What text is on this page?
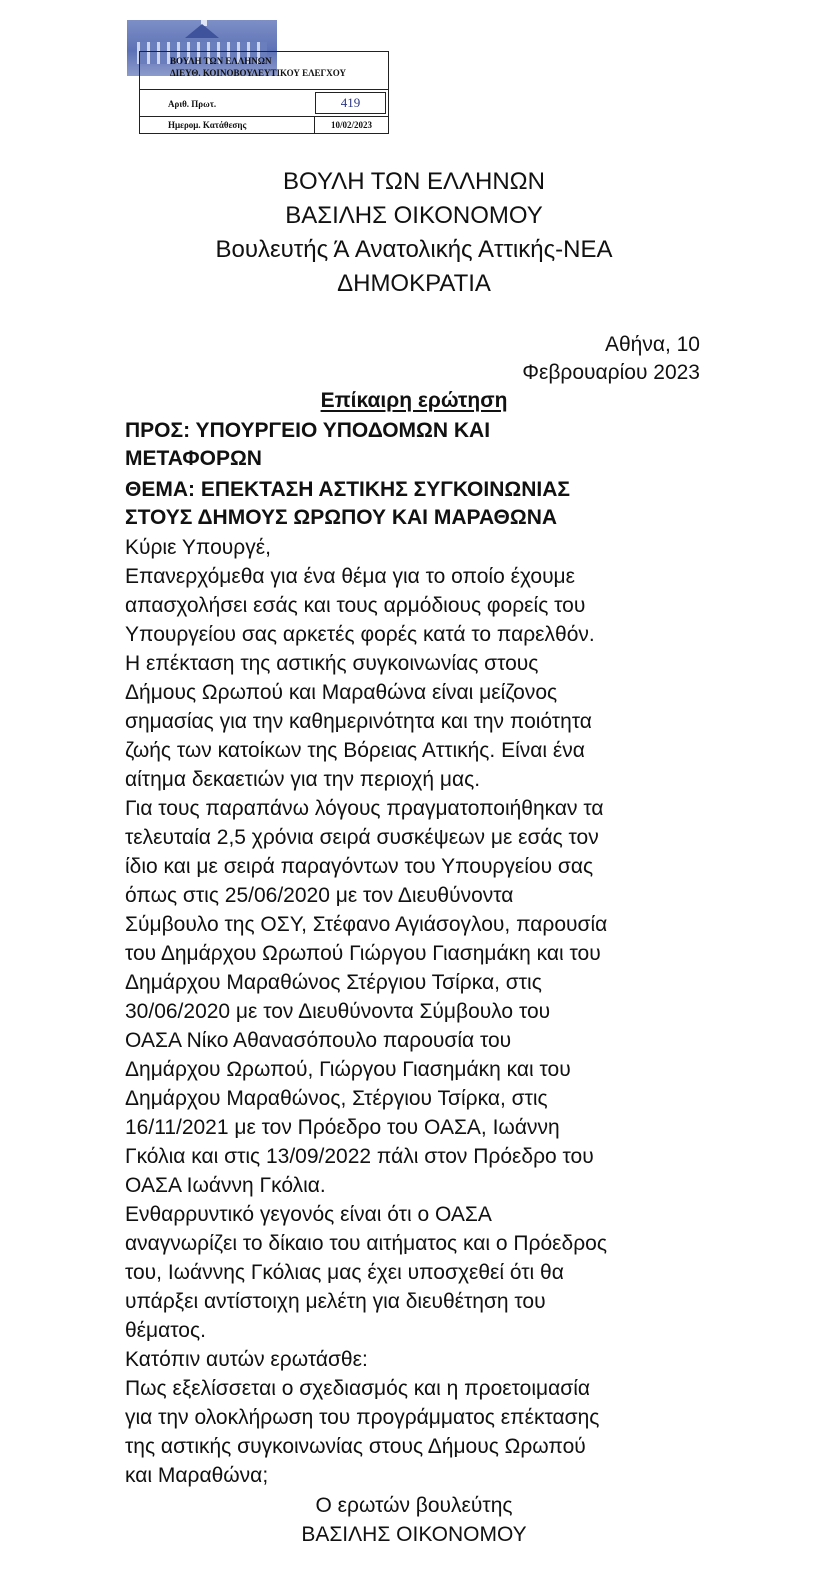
ΒΟΥΛΗ ΤΩΝ ΕΛΛΗΝΩΝ
ΔΙΕΥΘ. ΚΟΙΝΟΒΟΥΛΕΥΤΙΚΟΥ ΕΛΕΓΧΟΥ
Αριθ. Πρωτ.	419
Ημερομ. Κατάθεσης	10/02/2023
ΒΟΥΛΗ ΤΩΝ ΕΛΛΗΝΩΝ
ΒΑΣΙΛΗΣ ΟΙΚΟΝΟΜΟΥ
Βουλευτής Ά Ανατολικής Αττικής-ΝΕΑ
ΔΗΜΟΚΡΑΤΙΑ
Αθήνα, 10
Φεβρουαρίου 2023
Επίκαιρη ερώτηση
ΠΡΟΣ: ΥΠΟΥΡΓΕΙΟ ΥΠΟΔΟΜΩΝ ΚΑΙ
ΜΕΤΑΦΟΡΩΝ
ΘΕΜΑ: ΕΠΕΚΤΑΣΗ ΑΣΤΙΚΗΣ ΣΥΓΚΟΙΝΩΝΙΑΣ
ΣΤΟΥΣ ΔΗΜΟΥΣ ΩΡΩΠΟΥ ΚΑΙ ΜΑΡΑΘΩΝΑ
Κύριε Υπουργέ,
Επανερχόμεθα για ένα θέμα για το οποίο έχουμε
απασχολήσει εσάς και τους αρμόδιους φορείς του
Υπουργείου σας αρκετές φορές κατά το παρελθόν.
Η επέκταση της αστικής συγκοινωνίας στους
Δήμους Ωρωπού και Μαραθώνα είναι μείζονος
σημασίας για την καθημερινότητα και την ποιότητα
ζωής των κατοίκων της Βόρειας Αττικής. Είναι ένα
αίτημα δεκαετιών για την περιοχή μας.
Για τους παραπάνω λόγους πραγματοποιήθηκαν τα
τελευταία 2,5 χρόνια σειρά συσκέψεων με εσάς τον
ίδιο και με σειρά παραγόντων του Υπουργείου σας
όπως στις 25/06/2020 με τον Διευθύνοντα
Σύμβουλο της ΟΣΥ, Στέφανο Αγιάσογλου, παρουσία
του Δημάρχου Ωρωπού Γιώργου Γιασημάκη και του
Δημάρχου Μαραθώνος Στέργιου Τσίρκα, στις
30/06/2020 με τον Διευθύνοντα Σύμβουλο του
ΟΑΣΑ Νίκο Αθανασόπουλο παρουσία του
Δημάρχου Ωρωπού, Γιώργου Γιασημάκη και του
Δημάρχου Μαραθώνος, Στέργιου Τσίρκα, στις
16/11/2021 με τον Πρόεδρο του ΟΑΣΑ, Ιωάννη
Γκόλια και στις 13/09/2022 πάλι στον Πρόεδρο του
ΟΑΣΑ Ιωάννη Γκόλια.
Ενθαρρυντικό γεγονός είναι ότι ο ΟΑΣΑ
αναγνωρίζει το δίκαιο του αιτήματος και ο Πρόεδρος
του, Ιωάννης Γκόλιας μας έχει υποσχεθεί ότι θα
υπάρξει αντίστοιχη μελέτη για διευθέτηση του
θέματος.
Κατόπιν αυτών ερωτάσθε:
Πως εξελίσσεται ο σχεδιασμός και η προετοιμασία
για την ολοκλήρωση του προγράμματος επέκτασης
της αστικής συγκοινωνίας στους Δήμους Ωρωπού
και Μαραθώνα;
Ο ερωτών βουλεύτης
ΒΑΣΙΛΗΣ ΟΙΚΟΝΟΜΟΥ
